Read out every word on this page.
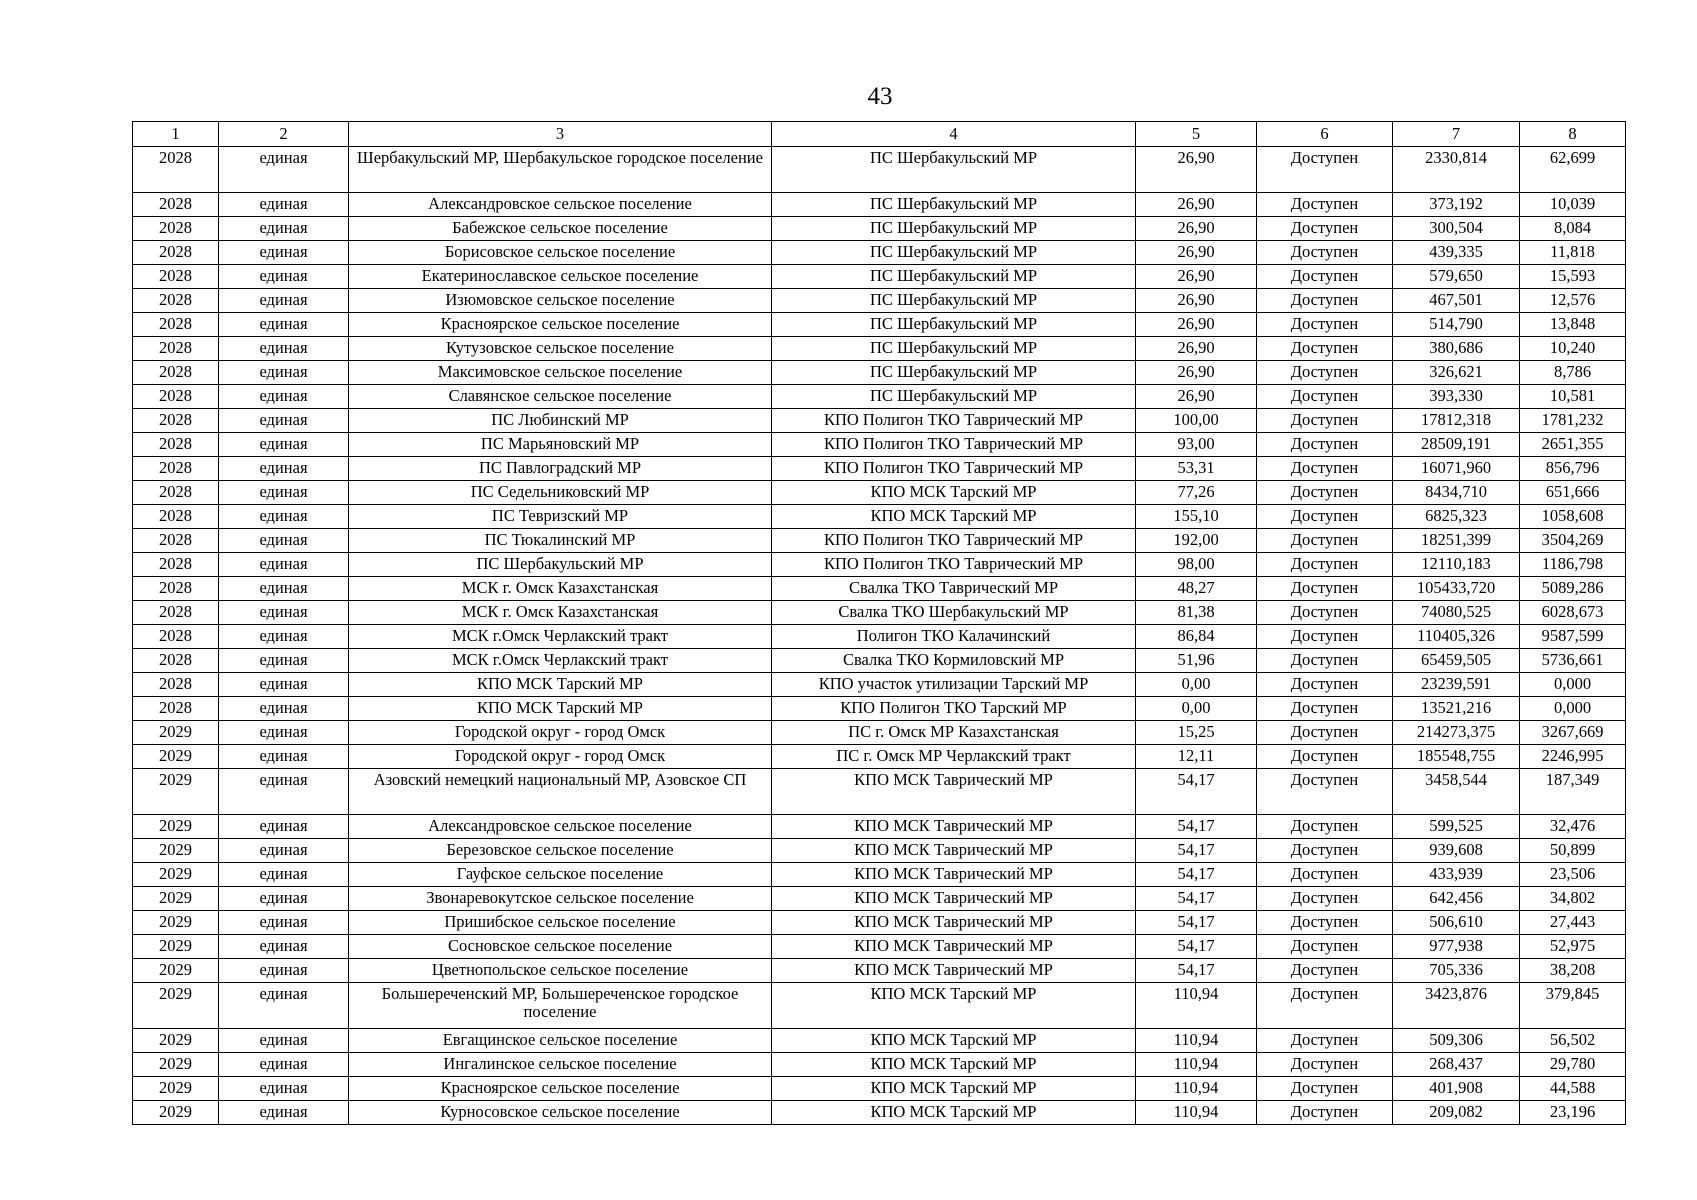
43
1	2	3	4	5	6	7	8
2028	единая	Шербакульский МР, Шербакульское городское поселение	ПС Шербакульский МР	26,90	Доступен	2330,814	62,699
2028	единая	Александровское сельское поселение	ПС Шербакульский МР	26,90	Доступен	373,192	10,039
2028	единая	Бабежское сельское поселение	ПС Шербакульский МР	26,90	Доступен	300,504	8,084
2028	единая	Борисовское сельское поселение	ПС Шербакульский МР	26,90	Доступен	439,335	11,818
2028	единая	Екатеринославское сельское поселение	ПС Шербакульский МР	26,90	Доступен	579,650	15,593
2028	единая	Изюмовское сельское поселение	ПС Шербакульский МР	26,90	Доступен	467,501	12,576
2028	единая	Красноярское сельское поселение	ПС Шербакульский МР	26,90	Доступен	514,790	13,848
2028	единая	Кутузовское сельское поселение	ПС Шербакульский МР	26,90	Доступен	380,686	10,240
2028	единая	Максимовское сельское поселение	ПС Шербакульский МР	26,90	Доступен	326,621	8,786
2028	единая	Славянское сельское поселение	ПС Шербакульский МР	26,90	Доступен	393,330	10,581
2028	единая	ПС Любинский МР	КПО Полигон ТКО Таврический МР	100,00	Доступен	17812,318	1781,232
2028	единая	ПС Марьяновский МР	КПО Полигон ТКО Таврический МР	93,00	Доступен	28509,191	2651,355
2028	единая	ПС Павлоградский МР	КПО Полигон ТКО Таврический МР	53,31	Доступен	16071,960	856,796
2028	единая	ПС Седельниковский МР	КПО МСК Тарский МР	77,26	Доступен	8434,710	651,666
2028	единая	ПС Тевризский МР	КПО МСК Тарский МР	155,10	Доступен	6825,323	1058,608
2028	единая	ПС Тюкалинский МР	КПО Полигон ТКО Таврический МР	192,00	Доступен	18251,399	3504,269
2028	единая	ПС Шербакульский МР	КПО Полигон ТКО Таврический МР	98,00	Доступен	12110,183	1186,798
2028	единая	МСК г. Омск Казахстанская	Свалка ТКО Таврический МР	48,27	Доступен	105433,720	5089,286
2028	единая	МСК г. Омск Казахстанская	Свалка ТКО Шербакульский МР	81,38	Доступен	74080,525	6028,673
2028	единая	МСК г.Омск Черлакский тракт	Полигон ТКО Калачинский	86,84	Доступен	110405,326	9587,599
2028	единая	МСК г.Омск Черлакский тракт	Свалка ТКО Кормиловский МР	51,96	Доступен	65459,505	5736,661
2028	единая	КПО МСК Тарский МР	КПО участок утилизации Тарский МР	0,00	Доступен	23239,591	0,000
2028	единая	КПО МСК Тарский МР	КПО Полигон ТКО Тарский МР	0,00	Доступен	13521,216	0,000
2029	единая	Городской округ - город Омск	ПС г. Омск МР Казахстанская	15,25	Доступен	214273,375	3267,669
2029	единая	Городской округ - город Омск	ПС г. Омск МР Черлакский тракт	12,11	Доступен	185548,755	2246,995
2029	единая	Азовский немецкий национальный МР, Азовское СП	КПО МСК Таврический МР	54,17	Доступен	3458,544	187,349
2029	единая	Александровское сельское поселение	КПО МСК Таврический МР	54,17	Доступен	599,525	32,476
2029	единая	Березовское сельское поселение	КПО МСК Таврический МР	54,17	Доступен	939,608	50,899
2029	единая	Гауфское сельское поселение	КПО МСК Таврический МР	54,17	Доступен	433,939	23,506
2029	единая	Звонаревокутское сельское поселение	КПО МСК Таврический МР	54,17	Доступен	642,456	34,802
2029	единая	Пришибское сельское поселение	КПО МСК Таврический МР	54,17	Доступен	506,610	27,443
2029	единая	Сосновское сельское поселение	КПО МСК Таврический МР	54,17	Доступен	977,938	52,975
2029	единая	Цветнопольское сельское поселение	КПО МСК Таврический МР	54,17	Доступен	705,336	38,208
2029	единая	Большереченский МР, Большереченское городское поселение	КПО МСК Тарский МР	110,94	Доступен	3423,876	379,845
2029	единая	Евгащинское сельское поселение	КПО МСК Тарский МР	110,94	Доступен	509,306	56,502
2029	единая	Ингалинское сельское поселение	КПО МСК Тарский МР	110,94	Доступен	268,437	29,780
2029	единая	Красноярское сельское поселение	КПО МСК Тарский МР	110,94	Доступен	401,908	44,588
2029	единая	Курносовское сельское поселение	КПО МСК Тарский МР	110,94	Доступен	209,082	23,196
